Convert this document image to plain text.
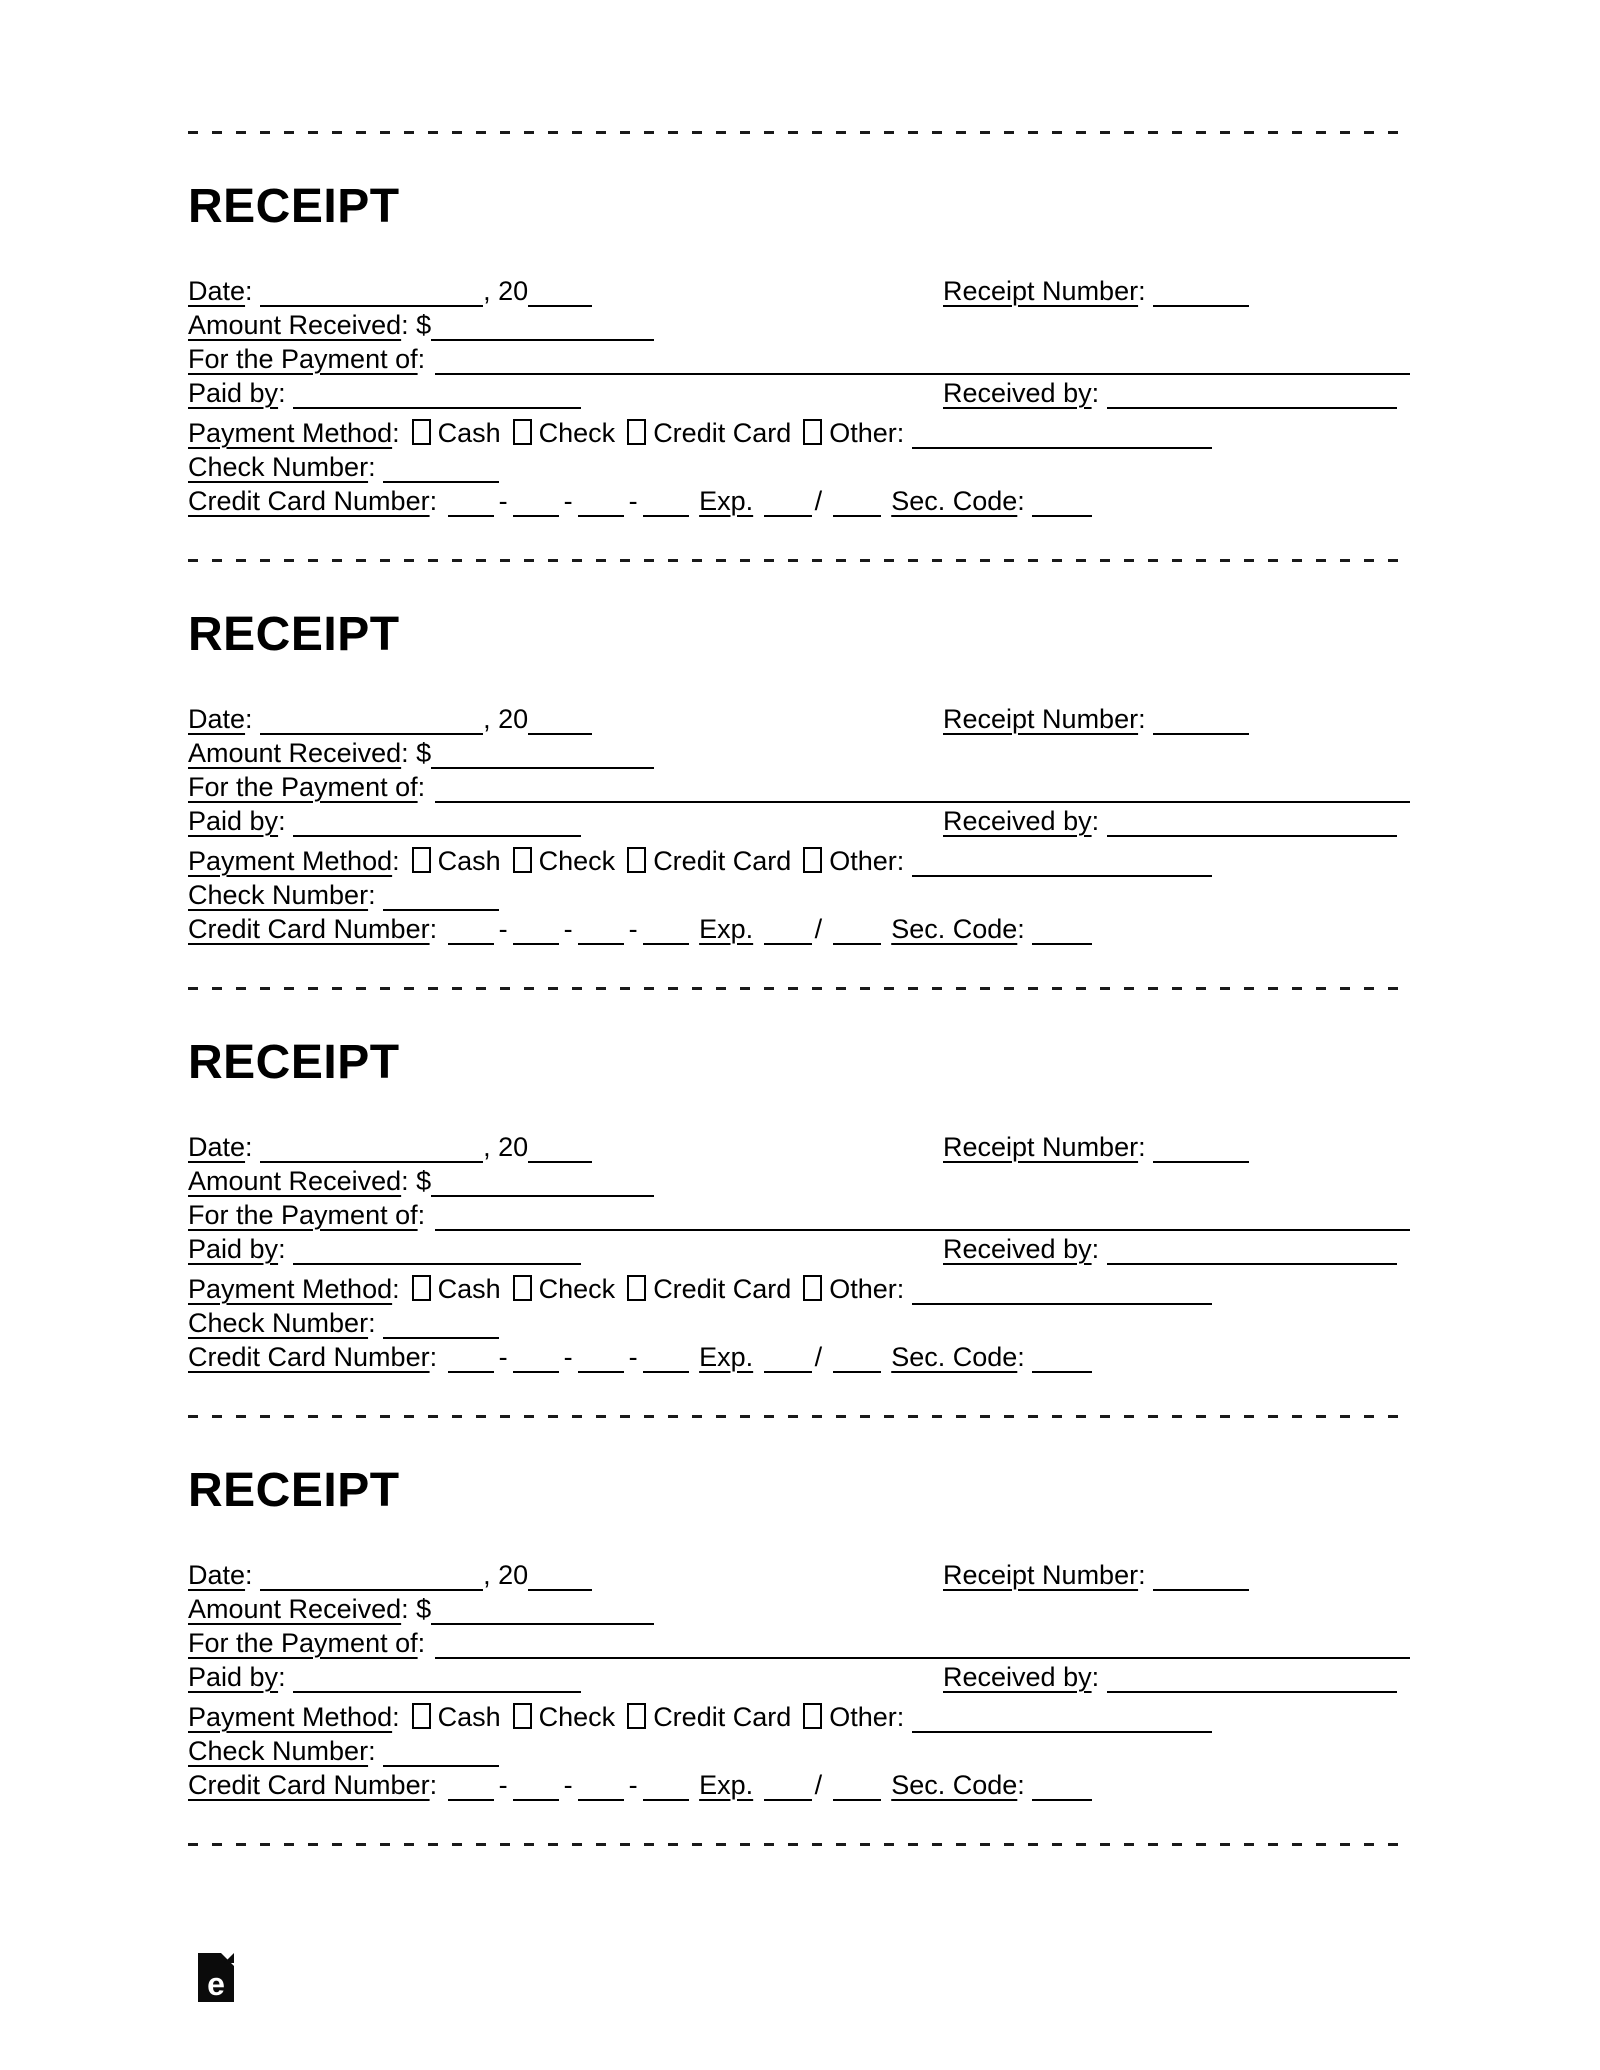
RECEIPT
Date:	, 20	Receipt Number:
Amount Received: $
For the Payment of :
Paid by:	Received by:
Payment Method: Cash Check Credit Card Other:
Check Number:
Credit Card Number: - - - Exp. /	Sec. Code:
RECEIPT
Date:	, 20	Receipt Number:
Amount Received: $
For the Payment of :
Paid by:	Received by:
Payment Method: Cash Check Credit Card Other:
Check Number:
Credit Card Number: - - - Exp. /	Sec. Code:
RECEIPT
Date:	, 20	Receipt Number:
Amount Received: $
For the Payment of :
Paid by:	Received by:
Payment Method: Cash Check Credit Card Other:
Check Number:
Credit Card Number: - - - Exp. /	Sec. Code:
RECEIPT
Date:	, 20	Receipt Number:
Amount Received: $
For the Payment of :
Paid by:	Received by:
Payment Method: Cash Check Credit Card Other:
Check Number:
Credit Card Number: - - - Exp. /	Sec. Code:
e
